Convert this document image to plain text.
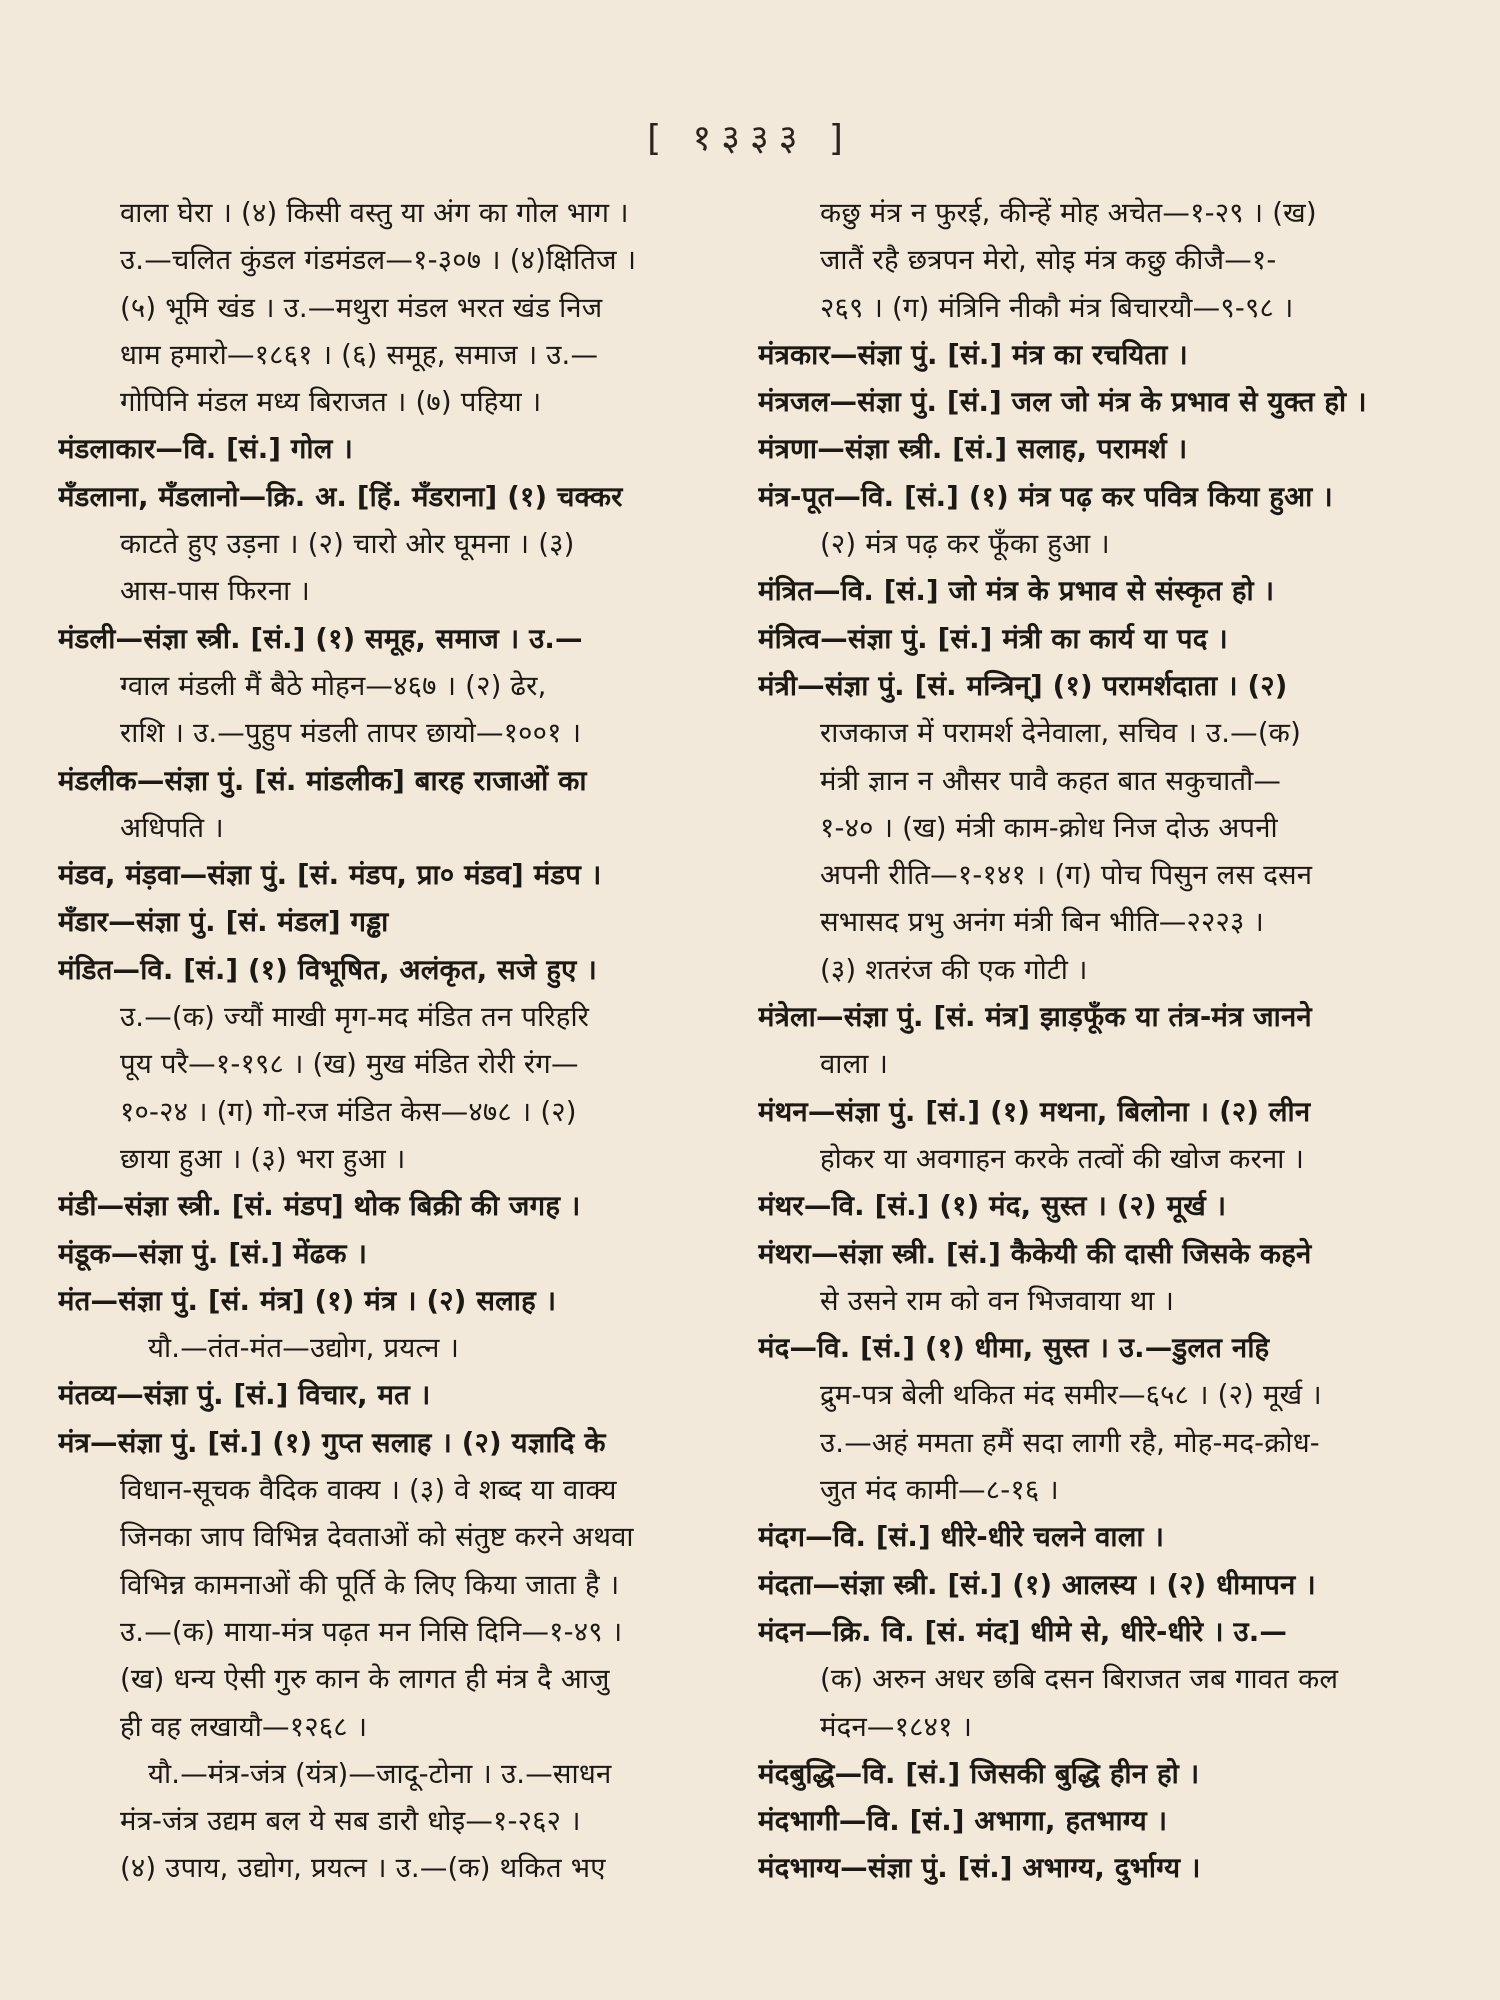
[ १३३३ ]
वाला घेरा । (४) किसी वस्तु या अंग का गोल भाग ।
उ.—चलित कुंडल गंडमंडल—१-३०७ । (४)क्षितिज ।
(५) भूमि खंड । उ.—मथुरा मंडल भरत खंड निज
धाम हमारो—१८६१ । (६) समूह, समाज । उ.—
गोपिनि मंडल मध्य बिराजत । (७) पहिया ।
मंडलाकार—वि. [सं.] गोल ।
मँडलाना, मँडलानो—क्रि. अ. [हिं. मँडराना] (१) चक्कर
काटते हुए उड़ना । (२) चारो ओर घूमना । (३)
आस-पास फिरना ।
मंडली—संज्ञा स्त्री. [सं.] (१) समूह, समाज । उ.—
ग्वाल मंडली मैं बैठे मोहन—४६७ । (२) ढेर,
राशि । उ.—पुहुप मंडली तापर छायो—१००१ ।
मंडलीक—संज्ञा पुं. [सं. मांडलीक] बारह राजाओं का
अधिपति ।
मंडव, मंड़वा—संज्ञा पुं. [सं. मंडप, प्रा० मंडव] मंडप ।
मँडार—संज्ञा पुं. [सं. मंडल] गड्ढा
मंडित—वि. [सं.] (१) विभूषित, अलंकृत, सजे हुए ।
उ.—(क) ज्यौं माखी मृग-मद मंडित तन परिहरि
पूय परै—१-१९८ । (ख) मुख मंडित रोरी रंग—
१०-२४ । (ग) गो-रज मंडित केस—४७८ । (२)
छाया हुआ । (३) भरा हुआ ।
मंडी—संज्ञा स्त्री. [सं. मंडप] थोक बिक्री की जगह ।
मंडूक—संज्ञा पुं. [सं.] मेंढक ।
मंत—संज्ञा पुं. [सं. मंत्र] (१) मंत्र । (२) सलाह ।
यौ.—तंत-मंत—उद्योग, प्रयत्न ।
मंतव्य—संज्ञा पुं. [सं.] विचार, मत ।
मंत्र—संज्ञा पुं. [सं.] (१) गुप्त सलाह । (२) यज्ञादि के
विधान-सूचक वैदिक वाक्य । (३) वे शब्द या वाक्य
जिनका जाप विभिन्न देवताओं को संतुष्ट करने अथवा
विभिन्न कामनाओं की पूर्ति के लिए किया जाता है ।
उ.—(क) माया-मंत्र पढ़त मन निसि दिनि—१-४९ ।
(ख) धन्य ऐसी गुरु कान के लागत ही मंत्र दै आजु
ही वह लखायौ—१२६८ ।
यौ.—मंत्र-जंत्र (यंत्र)—जादू-टोना । उ.—साधन
मंत्र-जंत्र उद्यम बल ये सब डारौ धोइ—१-२६२ ।
(४) उपाय, उद्योग, प्रयत्न । उ.—(क) थकित भए
कछु मंत्र न फुरई, कीन्हें मोह अचेत—१-२९ । (ख)
जातैं रहै छत्रपन मेरो, सोइ मंत्र कछु कीजै—१-
२६९ । (ग) मंत्रिनि नीकौ मंत्र बिचारयौ—९-९८ ।
मंत्रकार—संज्ञा पुं. [सं.] मंत्र का रचयिता ।
मंत्रजल—संज्ञा पुं. [सं.] जल जो मंत्र के प्रभाव से युक्त हो ।
मंत्रणा—संज्ञा स्त्री. [सं.] सलाह, परामर्श ।
मंत्र-पूत—वि. [सं.] (१) मंत्र पढ़ कर पवित्र किया हुआ ।
(२) मंत्र पढ़ कर फूँका हुआ ।
मंत्रित—वि. [सं.] जो मंत्र के प्रभाव से संस्कृत हो ।
मंत्रित्व—संज्ञा पुं. [सं.] मंत्री का कार्य या पद ।
मंत्री—संज्ञा पुं. [सं. मन्त्रिन्] (१) परामर्शदाता । (२)
राजकाज में परामर्श देनेवाला, सचिव । उ.—(क)
मंत्री ज्ञान न औसर पावै कहत बात सकुचातौ—
१-४० । (ख) मंत्री काम-क्रोध निज दोऊ अपनी
अपनी रीति—१-१४१ । (ग) पोच पिसुन लस दसन
सभासद प्रभु अनंग मंत्री बिन भीति—२२२३ ।
(३) शतरंज की एक गोटी ।
मंत्रेला—संज्ञा पुं. [सं. मंत्र] झाड़फूँक या तंत्र-मंत्र जानने
वाला ।
मंथन—संज्ञा पुं. [सं.] (१) मथना, बिलोना । (२) लीन
होकर या अवगाहन करके तत्वों की खोज करना ।
मंथर—वि. [सं.] (१) मंद, सुस्त । (२) मूर्ख ।
मंथरा—संज्ञा स्त्री. [सं.] कैकेयी की दासी जिसके कहने
से उसने राम को वन भिजवाया था ।
मंद—वि. [सं.] (१) धीमा, सुस्त । उ.—डुलत नहि
द्रुम-पत्र बेली थकित मंद समीर—६५८ । (२) मूर्ख ।
उ.—अहं ममता हमैं सदा लागी रहै, मोह-मद-क्रोध-
जुत मंद कामी—८-१६ ।
मंदग—वि. [सं.] धीरे-धीरे चलने वाला ।
मंदता—संज्ञा स्त्री. [सं.] (१) आलस्य । (२) धीमापन ।
मंदन—क्रि. वि. [सं. मंद] धीमे से, धीरे-धीरे । उ.—
(क) अरुन अधर छबि दसन बिराजत जब गावत कल
मंदन—१८४१ ।
मंदबुद्धि—वि. [सं.] जिसकी बुद्धि हीन हो ।
मंदभागी—वि. [सं.] अभागा, हतभाग्य ।
मंदभाग्य—संज्ञा पुं. [सं.] अभाग्य, दुर्भाग्य ।
